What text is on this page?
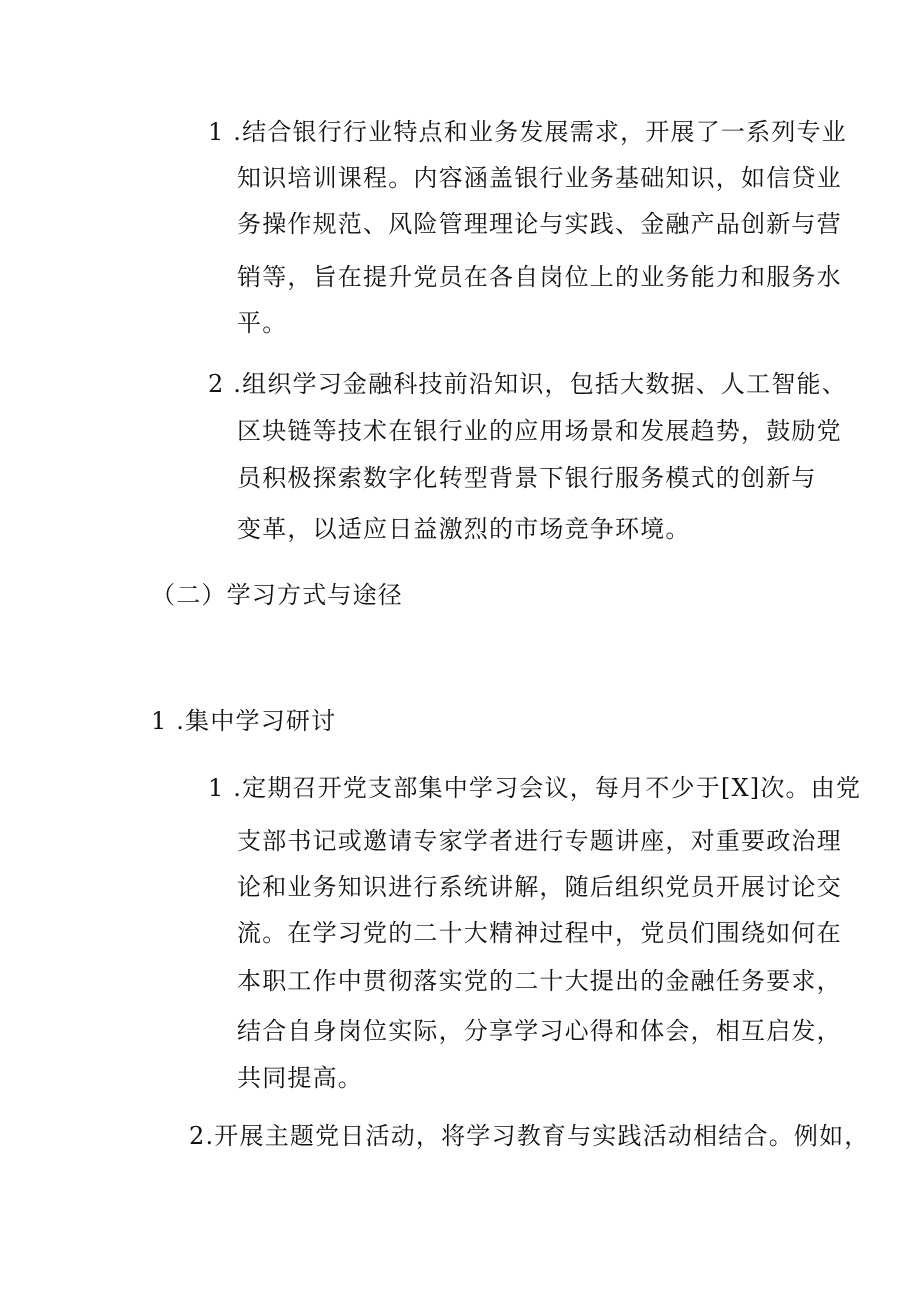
1 .结合银行行业特点和业务发展需求，开展了一系列专业
知识培训课程。内容涵盖银行业务基础知识，如信贷业
务操作规范、风险管理理论与实践、金融产品创新与营
销等，旨在提升党员在各自岗位上的业务能力和服务水
平。
2 .组织学习金融科技前沿知识，包括大数据、人工智能、
区块链等技术在银行业的应用场景和发展趋势，鼓励党
员积极探索数字化转型背景下银行服务模式的创新与
变革，以适应日益激烈的市场竞争环境。
（二）学习方式与途径
1 .集中学习研讨
1 .定期召开党支部集中学习会议，每月不少于[X]次。由党
支部书记或邀请专家学者进行专题讲座，对重要政治理
论和业务知识进行系统讲解，随后组织党员开展讨论交
流。在学习党的二十大精神过程中，党员们围绕如何在
本职工作中贯彻落实党的二十大提出的金融任务要求，
结合自身岗位实际，分享学习心得和体会，相互启发，
共同提高。
2.开展主题党日活动，将学习教育与实践活动相结合。例如，
